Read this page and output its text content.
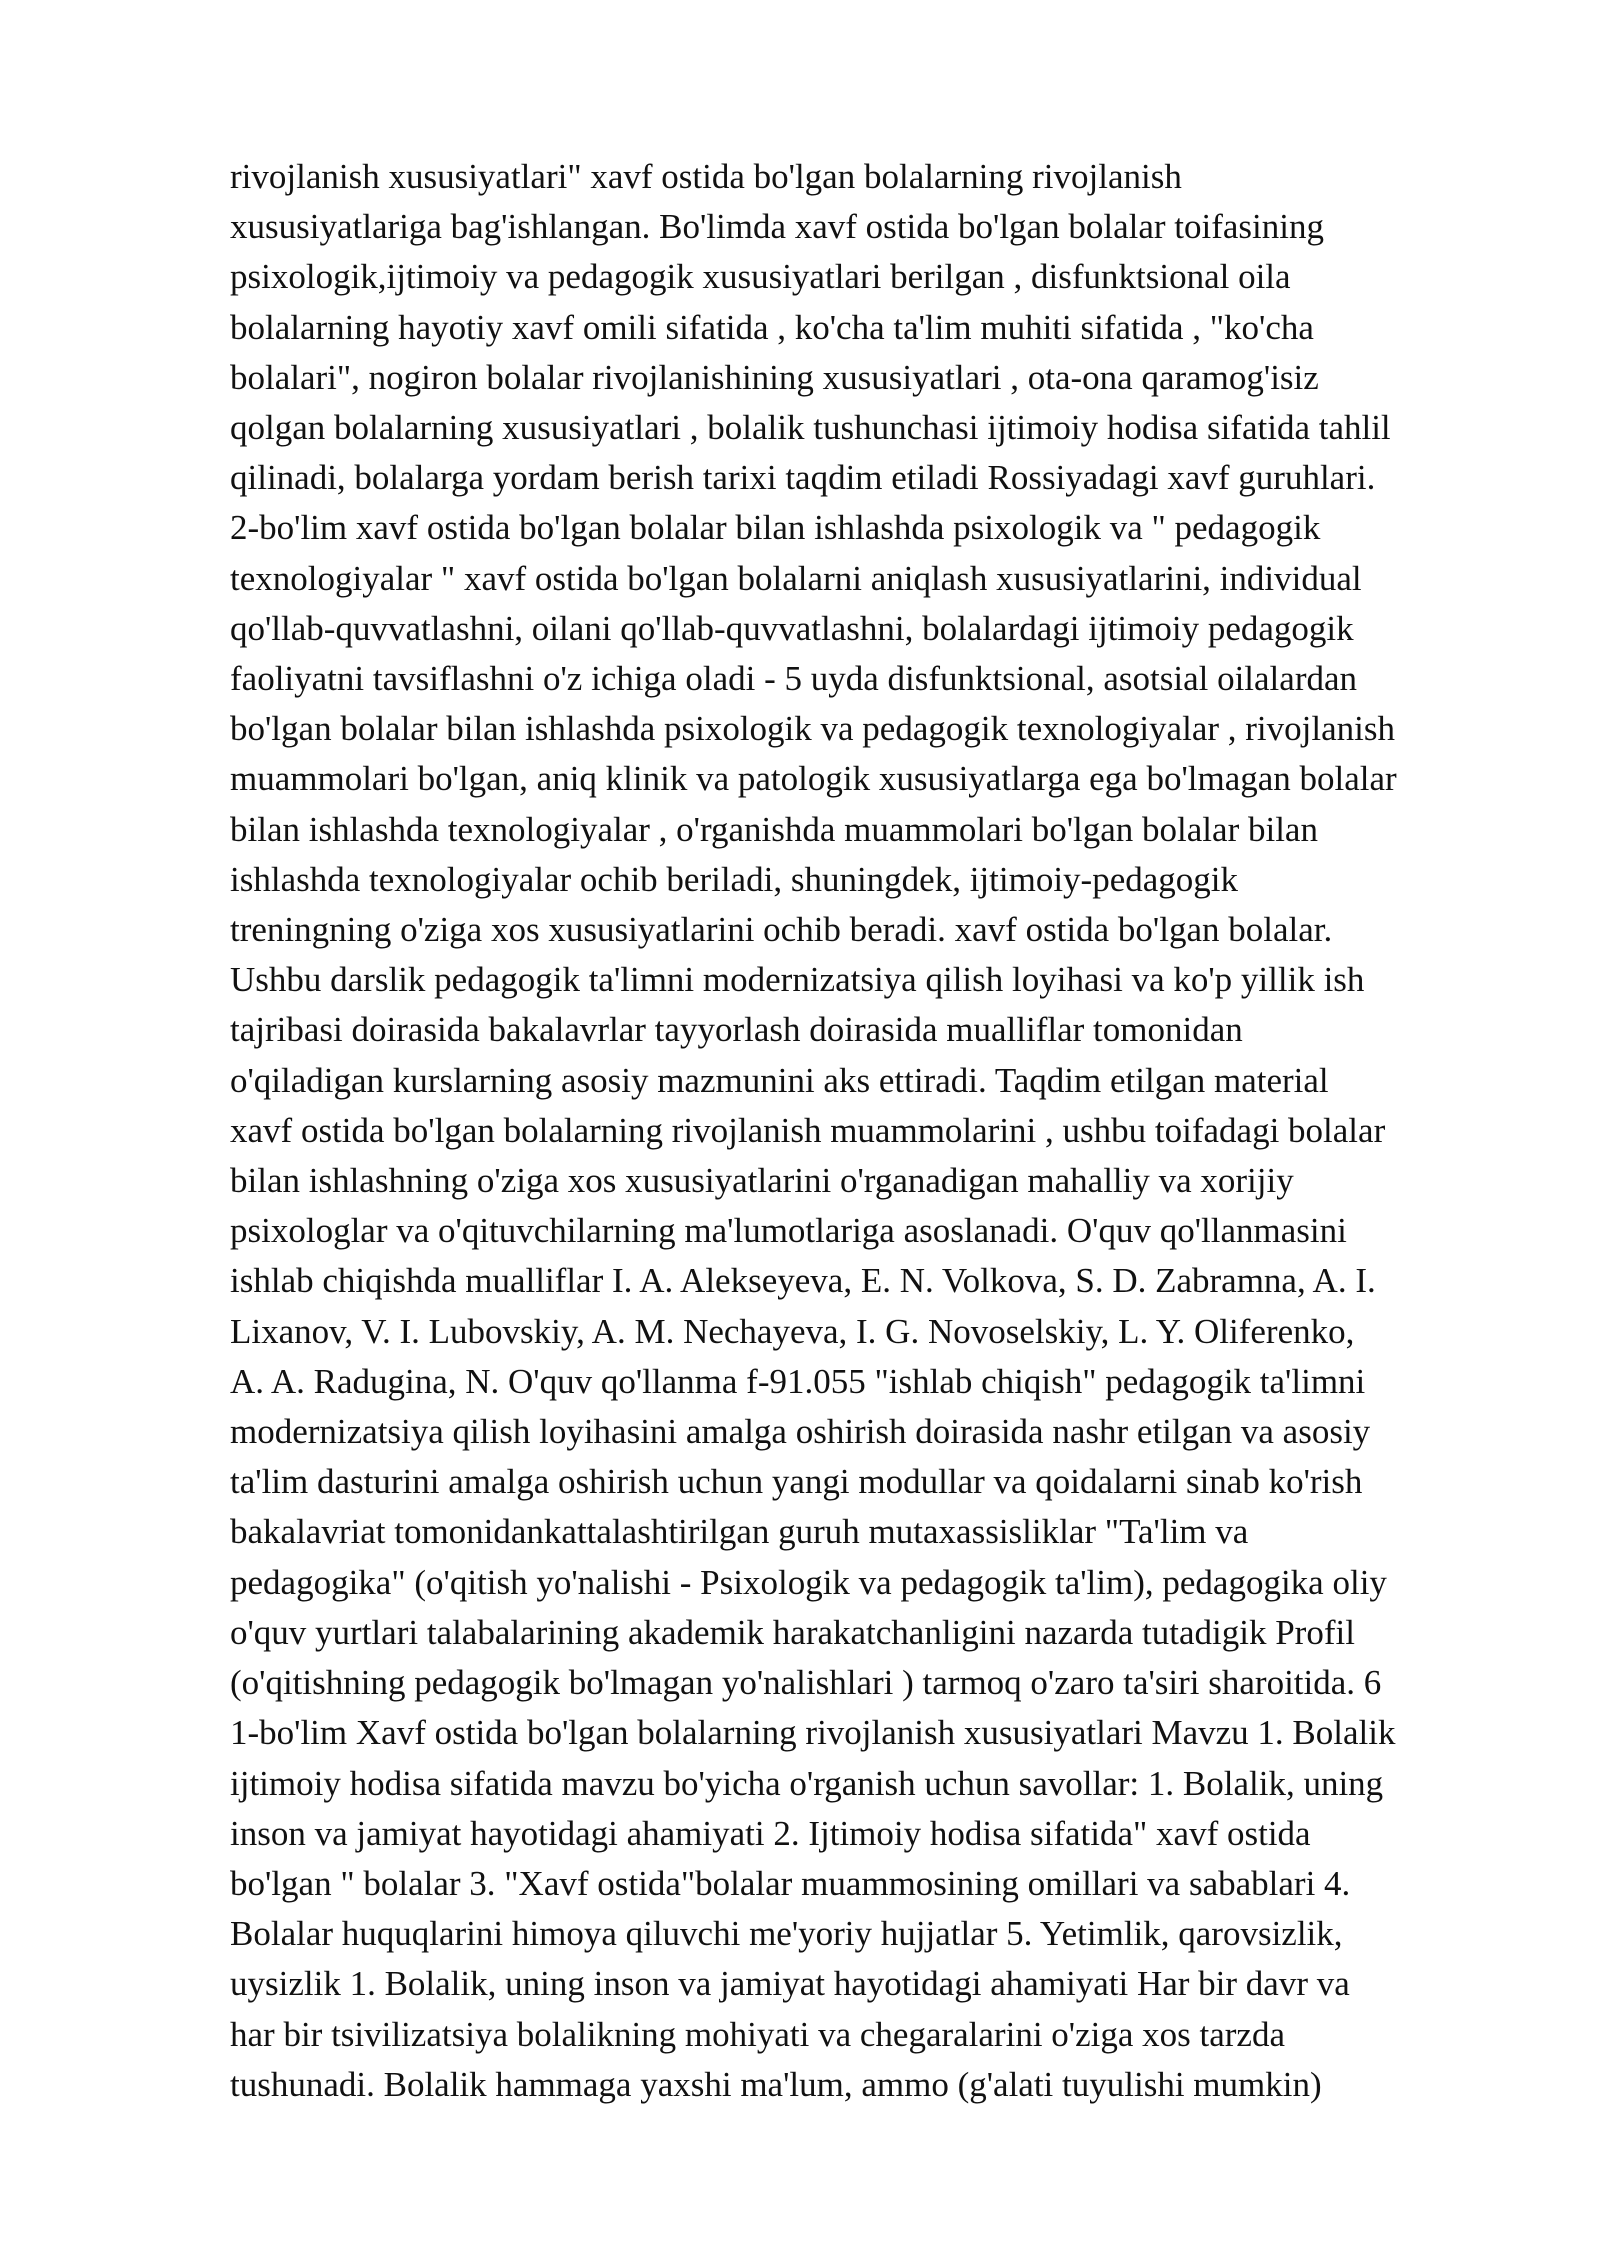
rivojlanish xususiyatlari" xavf ostida bo'lgan bolalarning rivojlanish
xususiyatlariga bag'ishlangan. Bo'limda xavf ostida bo'lgan bolalar toifasining
psixologik,ijtimoiy va pedagogik xususiyatlari berilgan , disfunktsional oila
bolalarning hayotiy xavf omili sifatida , ko'cha ta'lim muhiti sifatida , "ko'cha
bolalari", nogiron bolalar rivojlanishining xususiyatlari , ota-ona qaramog'isiz
qolgan bolalarning xususiyatlari , bolalik tushunchasi ijtimoiy hodisa sifatida tahlil
qilinadi, bolalarga yordam berish tarixi taqdim etiladi Rossiyadagi xavf guruhlari.
2-bo'lim xavf ostida bo'lgan bolalar bilan ishlashda psixologik va " pedagogik
texnologiyalar " xavf ostida bo'lgan bolalarni aniqlash xususiyatlarini, individual
qo'llab-quvvatlashni, oilani qo'llab-quvvatlashni, bolalardagi ijtimoiy pedagogik
faoliyatni tavsiflashni o'z ichiga oladi - 5 uyda disfunktsional, asotsial oilalardan
bo'lgan bolalar bilan ishlashda psixologik va pedagogik texnologiyalar , rivojlanish
muammolari bo'lgan, aniq klinik va patologik xususiyatlarga ega bo'lmagan bolalar
bilan ishlashda texnologiyalar , o'rganishda muammolari bo'lgan bolalar bilan
ishlashda texnologiyalar ochib beriladi, shuningdek, ijtimoiy-pedagogik
treningning o'ziga xos xususiyatlarini ochib beradi. xavf ostida bo'lgan bolalar.
Ushbu darslik pedagogik ta'limni modernizatsiya qilish loyihasi va ko'p yillik ish
tajribasi doirasida bakalavrlar tayyorlash doirasida mualliflar tomonidan
o'qiladigan kurslarning asosiy mazmunini aks ettiradi. Taqdim etilgan material
xavf ostida bo'lgan bolalarning rivojlanish muammolarini , ushbu toifadagi bolalar
bilan ishlashning o'ziga xos xususiyatlarini o'rganadigan mahalliy va xorijiy
psixologlar va o'qituvchilarning ma'lumotlariga asoslanadi. O'quv qo'llanmasini
ishlab chiqishda mualliflar I. A. Alekseyeva, E. N. Volkova, S. D. Zabramna, A. I.
Lixanov, V. I. Lubovskiy, A. M. Nechayeva, I. G. Novoselskiy, L. Y. Oliferenko,
A. A. Radugina, N. O'quv qo'llanma f-91.055 "ishlab chiqish" pedagogik ta'limni
modernizatsiya qilish loyihasini amalga oshirish doirasida nashr etilgan va asosiy
ta'lim dasturini amalga oshirish uchun yangi modullar va qoidalarni sinab ko'rish
bakalavriat tomonidankattalashtirilgan guruh mutaxassisliklar "Ta'lim va
pedagogika" (o'qitish yo'nalishi - Psixologik va pedagogik ta'lim), pedagogika oliy
o'quv yurtlari talabalarining akademik harakatchanligini nazarda tutadigik Profil
(o'qitishning pedagogik bo'lmagan yo'nalishlari ) tarmoq o'zaro ta'siri sharoitida. 6
1-bo'lim Xavf ostida bo'lgan bolalarning rivojlanish xususiyatlari Mavzu 1. Bolalik
ijtimoiy hodisa sifatida mavzu bo'yicha o'rganish uchun savollar: 1. Bolalik, uning
inson va jamiyat hayotidagi ahamiyati 2. Ijtimoiy hodisa sifatida" xavf ostida
bo'lgan " bolalar 3. "Xavf ostida"bolalar muammosining omillari va sabablari 4.
Bolalar huquqlarini himoya qiluvchi me'yoriy hujjatlar 5. Yetimlik, qarovsizlik,
uysizlik 1. Bolalik, uning inson va jamiyat hayotidagi ahamiyati Har bir davr va
har bir tsivilizatsiya bolalikning mohiyati va chegaralarini o'ziga xos tarzda
tushunadi. Bolalik hammaga yaxshi ma'lum, ammo (g'alati tuyulishi mumkin)
